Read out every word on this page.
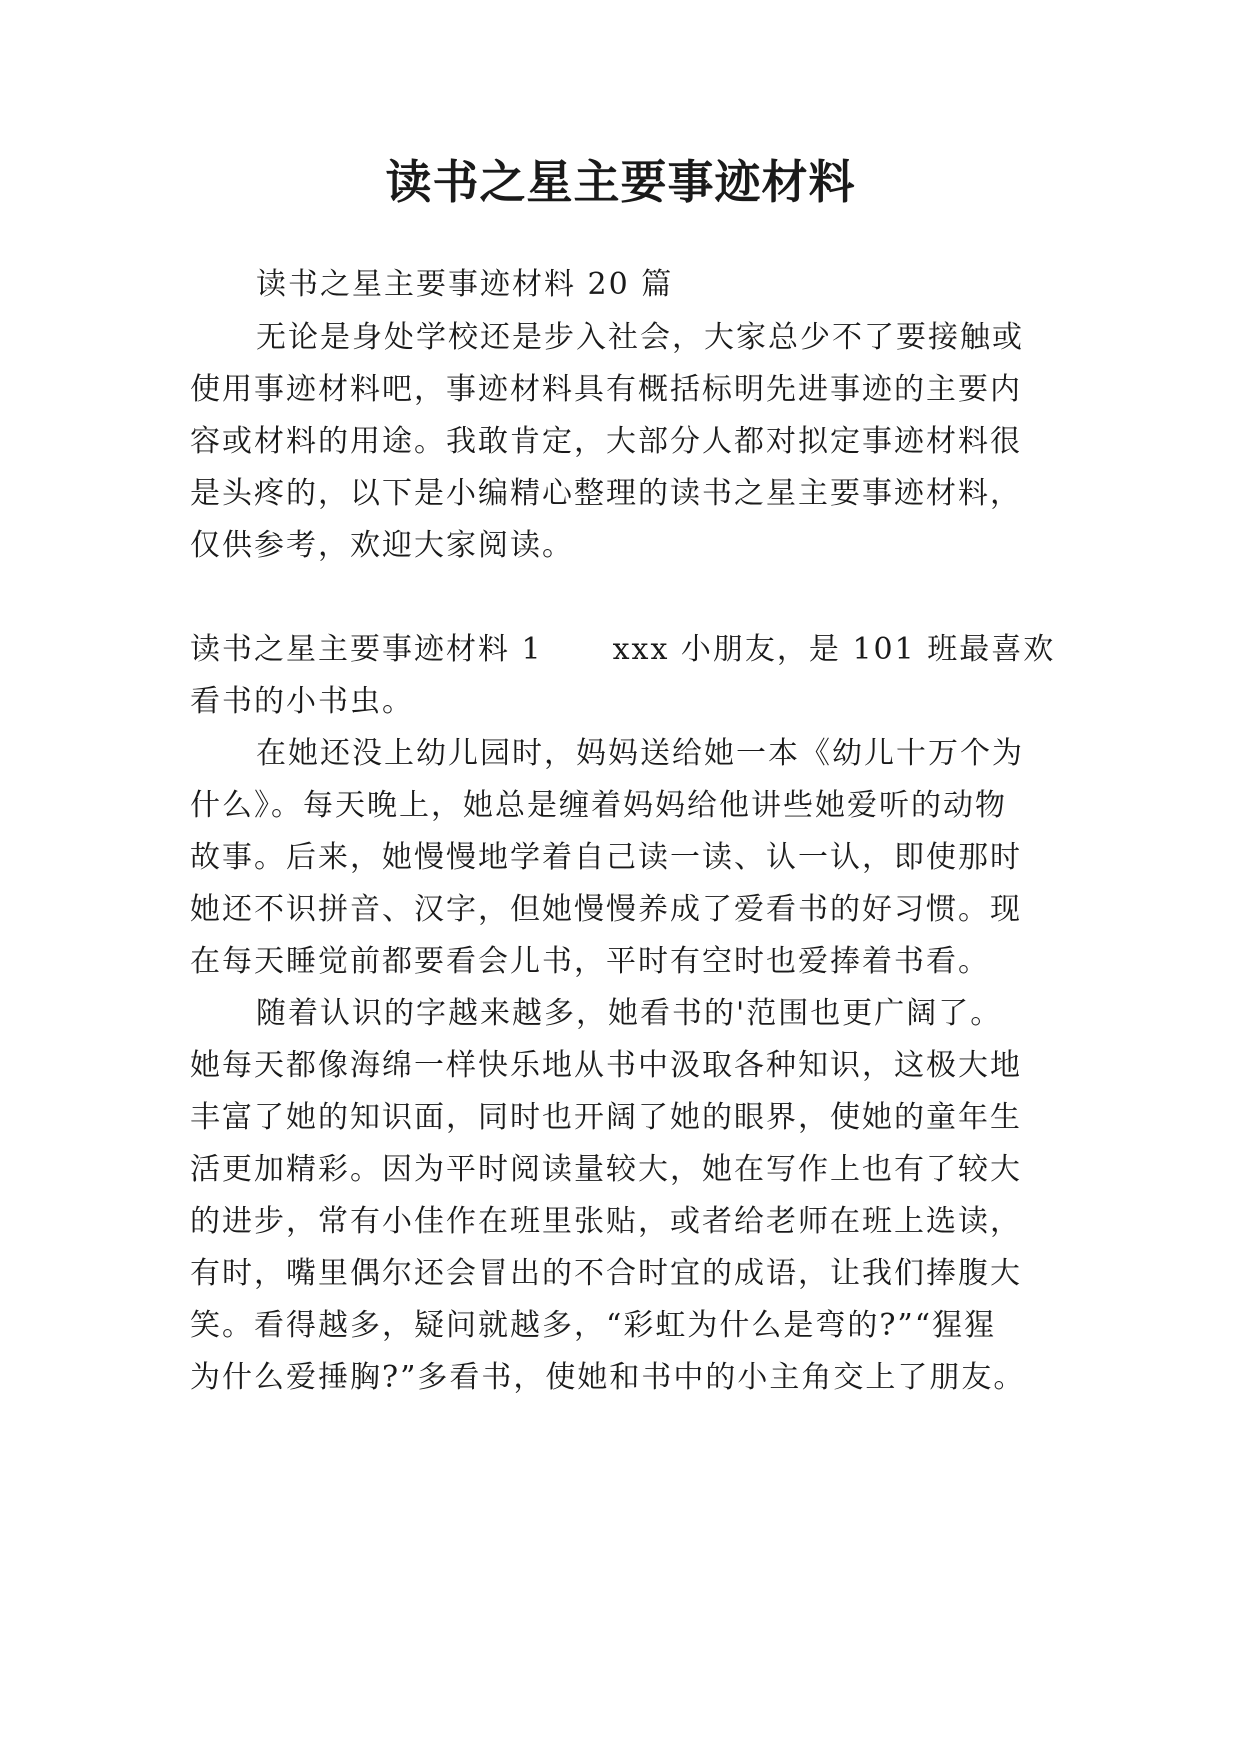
读书之星主要事迹材料

读书之星主要事迹材料 20 篇

无论是身处学校还是步入社会，大家总少不了要接触或

使用事迹材料吧，事迹材料具有概括标明先进事迹的主要内

容或材料的用途。我敢肯定，大部分人都对拟定事迹材料很

是头疼的，以下是小编精心整理的读书之星主要事迹材料，

仅供参考，欢迎大家阅读。

读书之星主要事迹材料 1 xxx 小朋友，是 101 班最喜欢

看书的小书虫。

在她还没上幼儿园时，妈妈送给她一本《幼儿十万个为

什么》。每天晚上，她总是缠着妈妈给他讲些她爱听的动物

故事。后来，她慢慢地学着自己读一读、认一认，即使那时

她还不识拼音、汉字，但她慢慢养成了爱看书的好习惯。现

在每天睡觉前都要看会儿书，平时有空时也爱捧着书看。

随着认识的字越来越多，她看书的'范围也更广阔了。

她每天都像海绵一样快乐地从书中汲取各种知识，这极大地

丰富了她的知识面，同时也开阔了她的眼界，使她的童年生

活更加精彩。因为平时阅读量较大，她在写作上也有了较大

的进步，常有小佳作在班里张贴，或者给老师在班上选读，

有时，嘴里偶尔还会冒出的不合时宜的成语，让我们捧腹大

笑。看得越多，疑问就越多，“彩虹为什么是弯的?”“猩猩

为什么爱捶胸?”多看书，使她和书中的小主角交上了朋友。
